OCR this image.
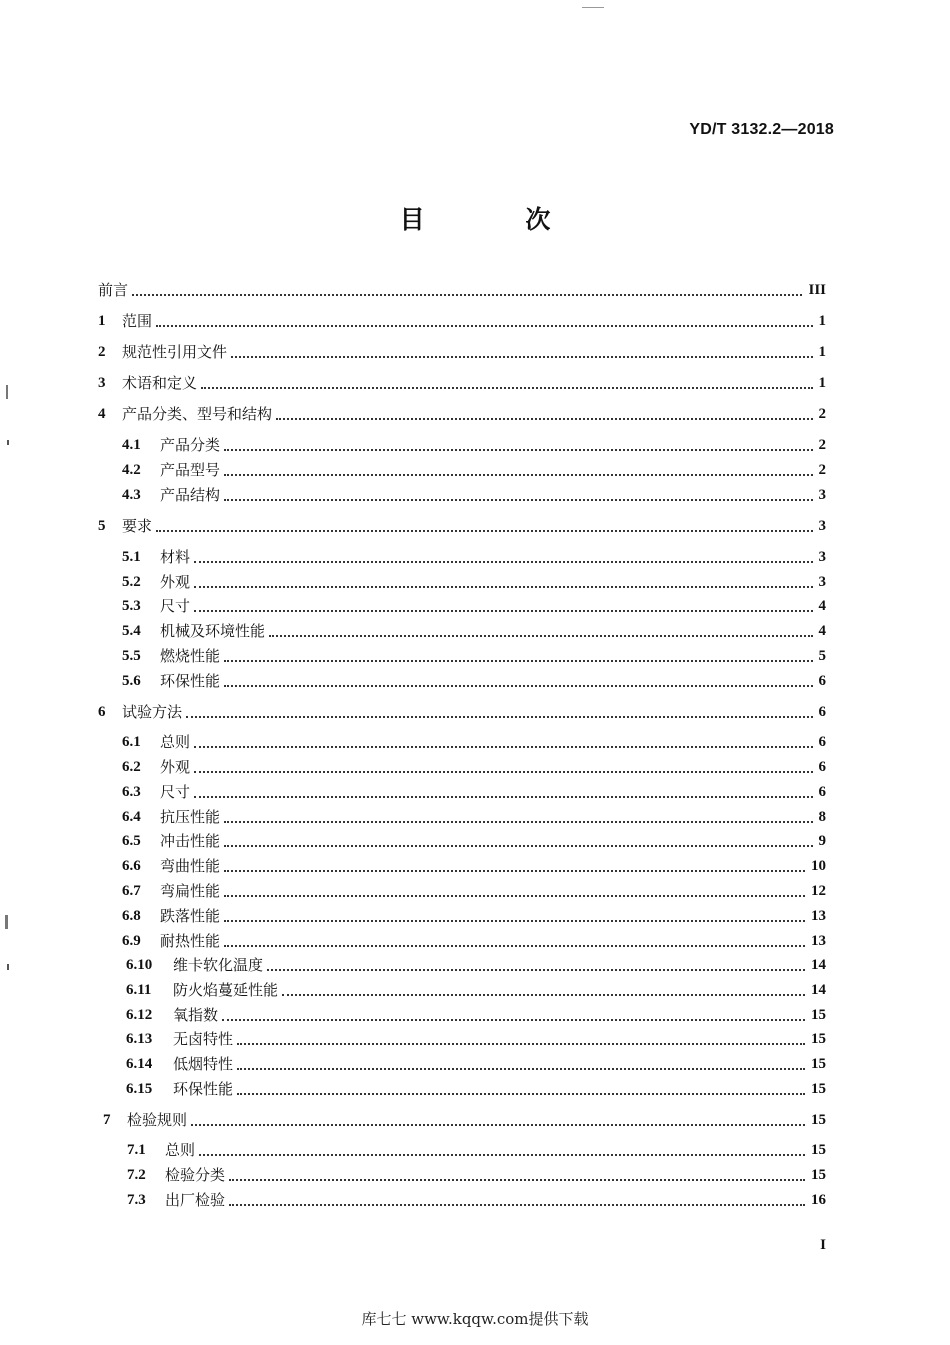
YD/T 3132.2—2018
目 次
前言	III
1 范围	1
2 规范性引用文件	1
3 术语和定义	1
4 产品分类、型号和结构	2
4.1 产品分类	2
4.2 产品型号	2
4.3 产品结构	3
5 要求	3
5.1 材料	3
5.2 外观	3
5.3 尺寸	4
5.4 机械及环境性能	4
5.5 燃烧性能	5
5.6 环保性能	6
6 试验方法	6
6.1 总则	6
6.2 外观	6
6.3 尺寸	6
6.4 抗压性能	8
6.5 冲击性能	9
6.6 弯曲性能	10
6.7 弯扁性能	12
6.8 跌落性能	13
6.9 耐热性能	13
6.10 维卡软化温度	14
6.11 防火焰蔓延性能	14
6.12 氧指数	15
6.13 无卤特性	15
6.14 低烟特性	15
6.15 环保性能	15
7 检验规则	15
7.1 总则	15
7.2 检验分类	15
7.3 出厂检验	16
I
库七七 www.kqqw.com提供下载
